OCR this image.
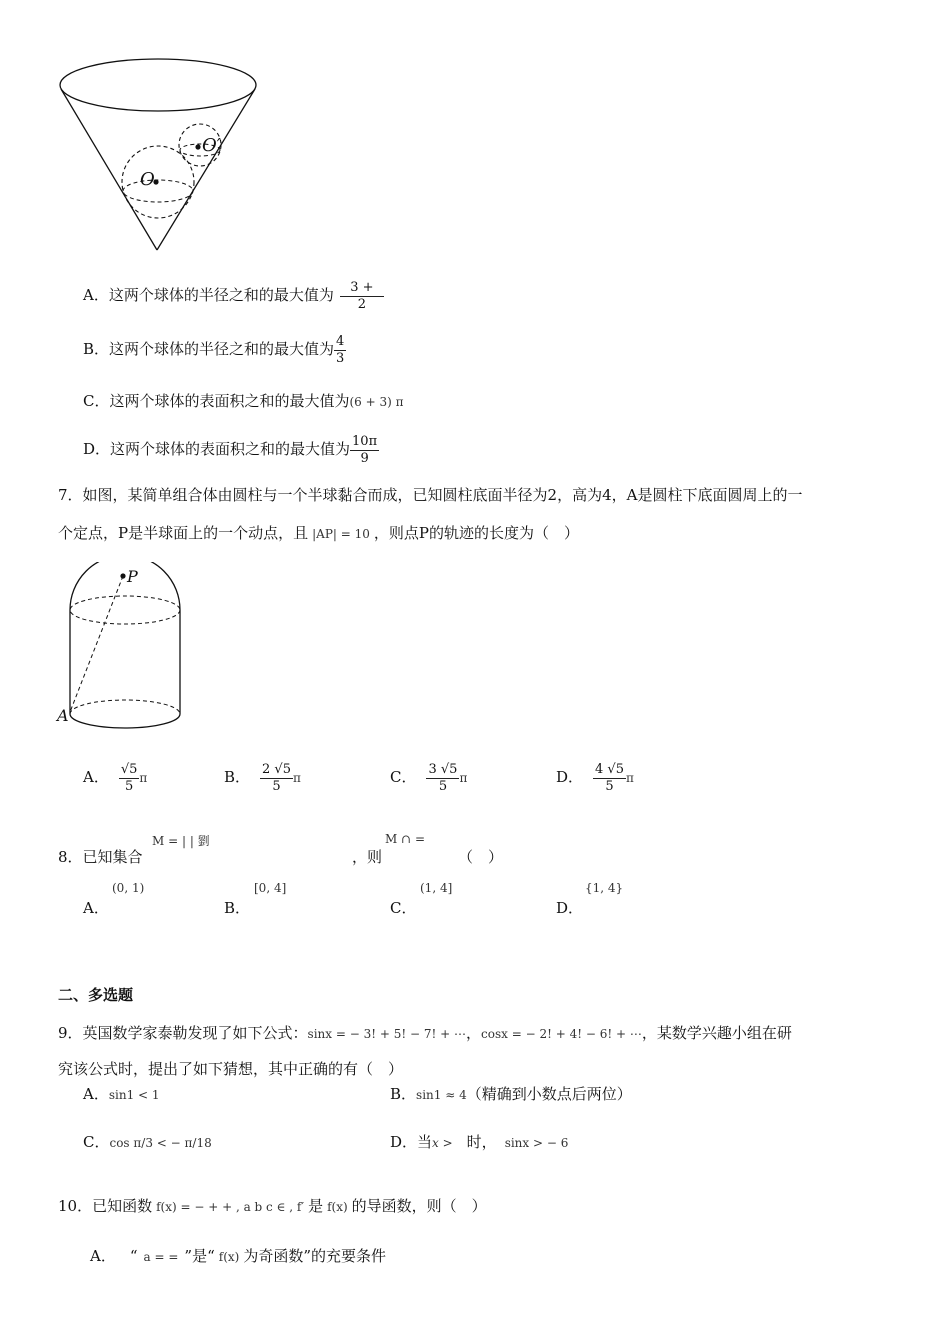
O
O′
A．这两个球体的半径之和的最大值为 $\frac{3 +}{2}$
B．这两个球体的半径之和的最大值为 $\frac{4}{3}$
C．这两个球体的表面积之和的最大值为(6 + 3) π
D．这两个球体的表面积之和的最大值为 $\frac{10\pi}{9}$
7．如图，某简单组合体由圆柱与一个半球黏合而成，已知圆柱底面半径为2，高为4，A是圆柱下底面圆周上的一
个定点，P是半球面上的一个动点，且 |AP| = 10 ，则点P的轨迹的长度为（　）
P
A
A． $\frac{√5}{5}$ π	B． $\frac{2 √5}{5}$ π	C． $\frac{3 √5}{5}$ π	D． $\frac{4 √5}{5}$ π
8．已知集合
M = | | 劉
，则
M ∩ =
（　）
A．
(0, 1)
B．
[0, 4]
C．
(1, 4]
D．
{1, 4}
二、多选题
9．英国数学家泰勒发现了如下公式：sinx = − 3! + 5! − 7! + ⋯，cosx = − 2! + 4! − 6! + ⋯，某数学兴趣小组在研
究该公式时，提出了如下猜想，其中正确的有（　）
A．sin1 < 1	B．sin1 ≈ 4（精确到小数点后两位）
C．cos π/3 < − π/18	D．当x > 时， sinx > − 6
10．已知函数 f(x) = − + + , a b c ∈ , f′ 是 f(x) 的导函数，则（　）
A． “ a = = ”是“ f(x) 为奇函数”的充要条件
